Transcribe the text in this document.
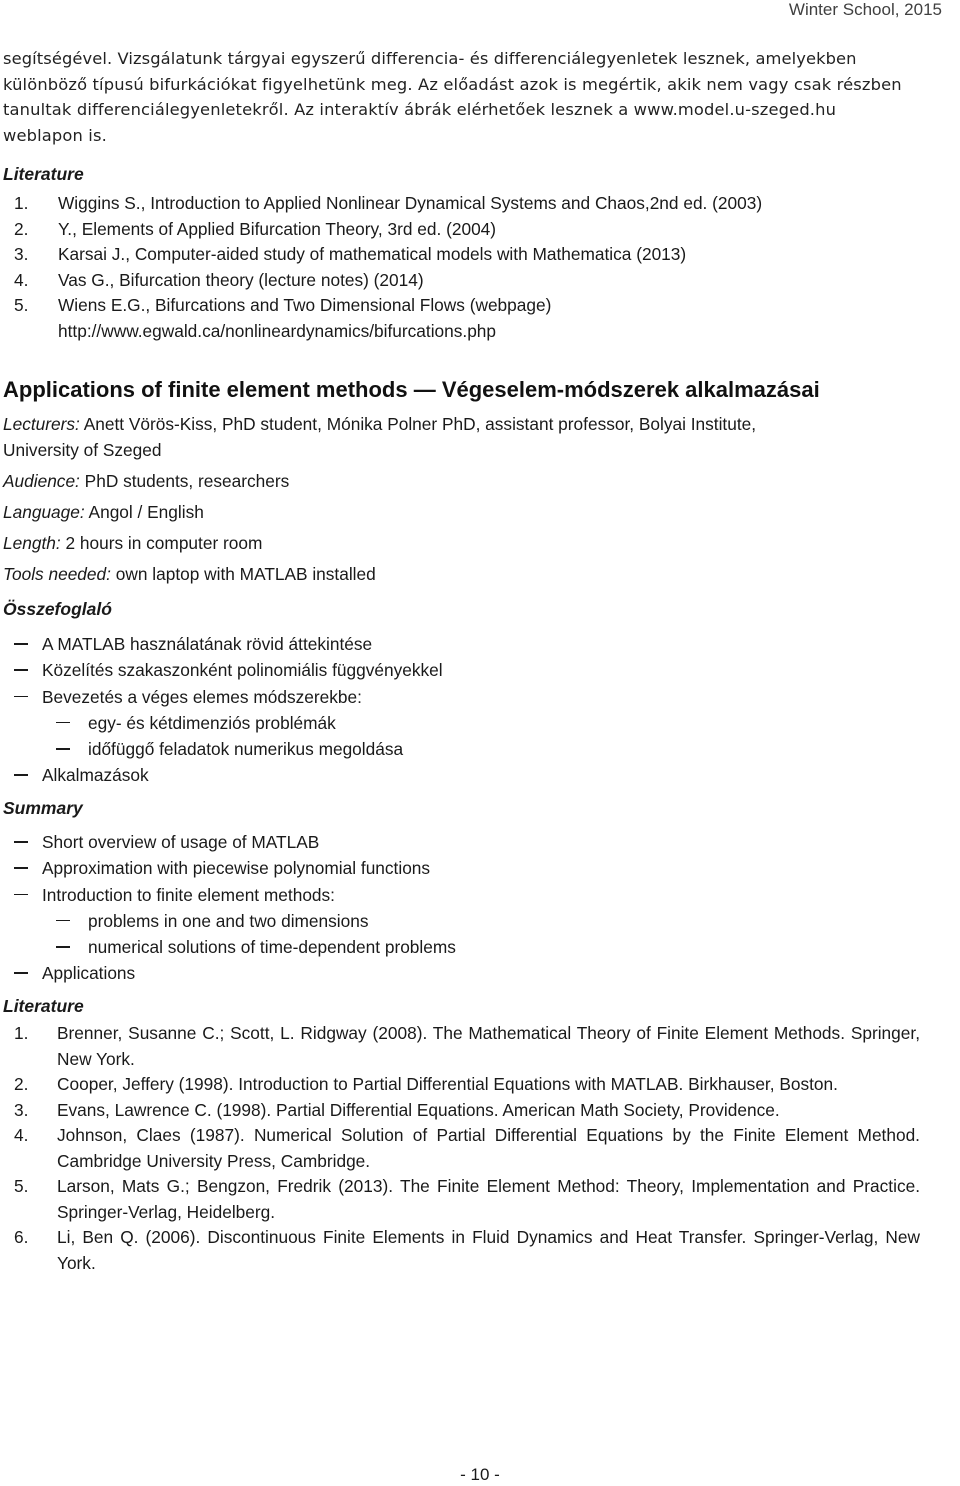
Winter School, 2015

segítségével. Vizsgálatunk tárgyai egyszerű differencia- és differenciálegyenletek lesznek, amelyekben

különböző típusú bifurkációkat figyelhetünk meg. Az előadást azok is megértik, akik nem vagy csak részben

tanultak differenciálegyenletekről. Az interaktív ábrák elérhetőek lesznek a www.model.u-szeged.hu

weblapon is.

Literature
1.	Wiggins S., Introduction to Applied Nonlinear Dynamical Systems and Chaos,2nd ed. (2003)
2.	Y., Elements of Applied Bifurcation Theory, 3rd ed. (2004)
3.	Karsai J., Computer-aided study of mathematical models with Mathematica (2013)
4.	Vas G., Bifurcation theory (lecture notes) (2014)
5.	Wiens E.G., Bifurcations and Two Dimensional Flows (webpage)
http://www.egwald.ca/nonlineardynamics/bifurcations.php
Applications of finite element methods — Végeselem-módszerek alkalmazásai
Lecturers: Anett Vörös-Kiss, PhD student, Mónika Polner PhD, assistant professor, Bolyai Institute,
University of Szeged
Audience: PhD students, researchers
Language: Angol / English
Length: 2 hours in computer room
Tools needed: own laptop with MATLAB installed
Összefoglaló
A MATLAB használatának rövid áttekintése
Közelítés szakaszonként polinomiális függvényekkel
Bevezetés a véges elemes módszerekbe:
egy- és kétdimenziós problémák
időfüggő feladatok numerikus megoldása
Alkalmazások
Summary
Short overview of usage of MATLAB
Approximation with piecewise polynomial functions
Introduction to finite element methods:
problems in one and two dimensions
numerical solutions of time-dependent problems
Applications
Literature
1.	Brenner, Susanne C.; Scott, L. Ridgway (2008). The Mathematical Theory of Finite Element Methods. Springer, New York.
2.	Cooper, Jeffery (1998). Introduction to Partial Differential Equations with MATLAB. Birkhauser, Boston.
3.	Evans, Lawrence C. (1998). Partial Differential Equations. American Math Society, Providence.
4.	Johnson, Claes (1987). Numerical Solution of Partial Differential Equations by the Finite Element Method. Cambridge University Press, Cambridge.
5.	Larson, Mats G.; Bengzon, Fredrik (2013). The Finite Element Method: Theory, Implementation and Practice. Springer-Verlag, Heidelberg.
6.	Li, Ben Q. (2006). Discontinuous Finite Elements in Fluid Dynamics and Heat Transfer. Springer-Verlag, New York.
- 10 -
